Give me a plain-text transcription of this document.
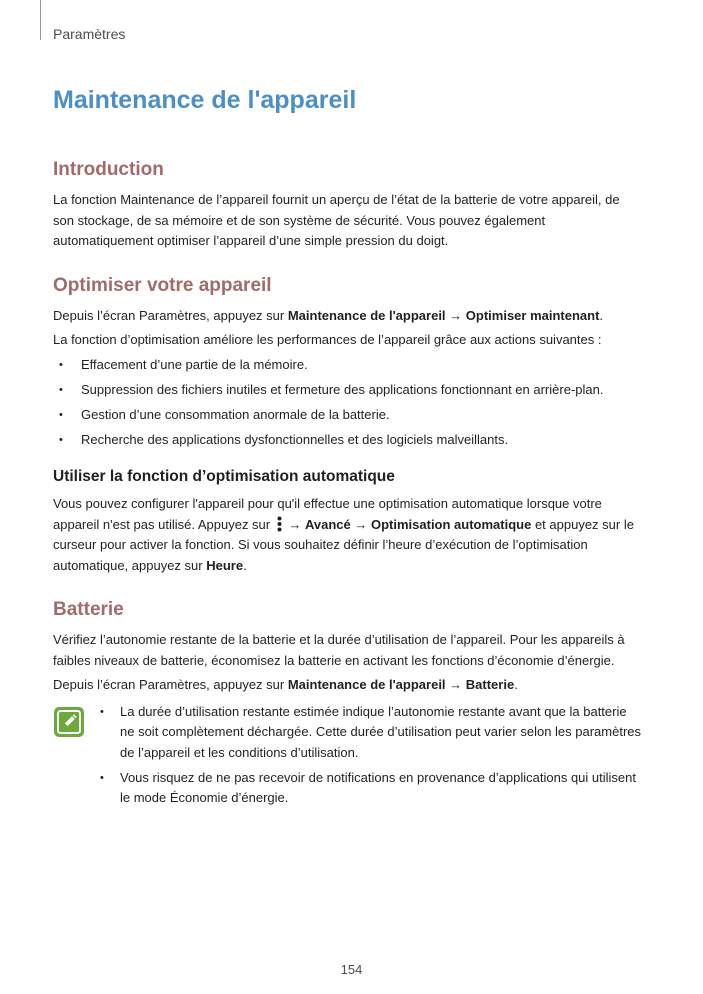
Paramètres
Maintenance de l'appareil
Introduction

La fonction Maintenance de l’appareil fournit un aperçu de l’état de la batterie de votre appareil, de son stockage, de sa mémoire et de son système de sécurité. Vous pouvez également automatiquement optimiser l’appareil d’une simple pression du doigt.

Optimiser votre appareil

Depuis l’écran Paramètres, appuyez sur Maintenance de l'appareil → Optimiser maintenant.

La fonction d’optimisation améliore les performances de l’appareil grâce aux actions suivantes :

• Effacement d’une partie de la mémoire.
• Suppression des fichiers inutiles et fermeture des applications fonctionnant en arrière-plan.
• Gestion d’une consommation anormale de la batterie.
• Recherche des applications dysfonctionnelles et des logiciels malveillants.
Utiliser la fonction d’optimisation automatique

Vous pouvez configurer l'appareil pour qu'il effectue une optimisation automatique lorsque votre appareil n'est pas utilisé. Appuyez sur  → Avancé → Optimisation automatique et appuyez sur le curseur pour activer la fonction. Si vous souhaitez définir l’heure d’exécution de l’optimisation automatique, appuyez sur Heure.

Batterie

Vérifiez l’autonomie restante de la batterie et la durée d’utilisation de l’appareil. Pour les appareils à faibles niveaux de batterie, économisez la batterie en activant les fonctions d’économie d’énergie.

Depuis l’écran Paramètres, appuyez sur Maintenance de l'appareil → Batterie.

• La durée d’utilisation restante estimée indique l’autonomie restante avant que la batterie ne soit complètement déchargée. Cette durée d’utilisation peut varier selon les paramètres de l’appareil et les conditions d’utilisation.
• Vous risquez de ne pas recevoir de notifications en provenance d’applications qui utilisent le mode Économie d’énergie.
154
